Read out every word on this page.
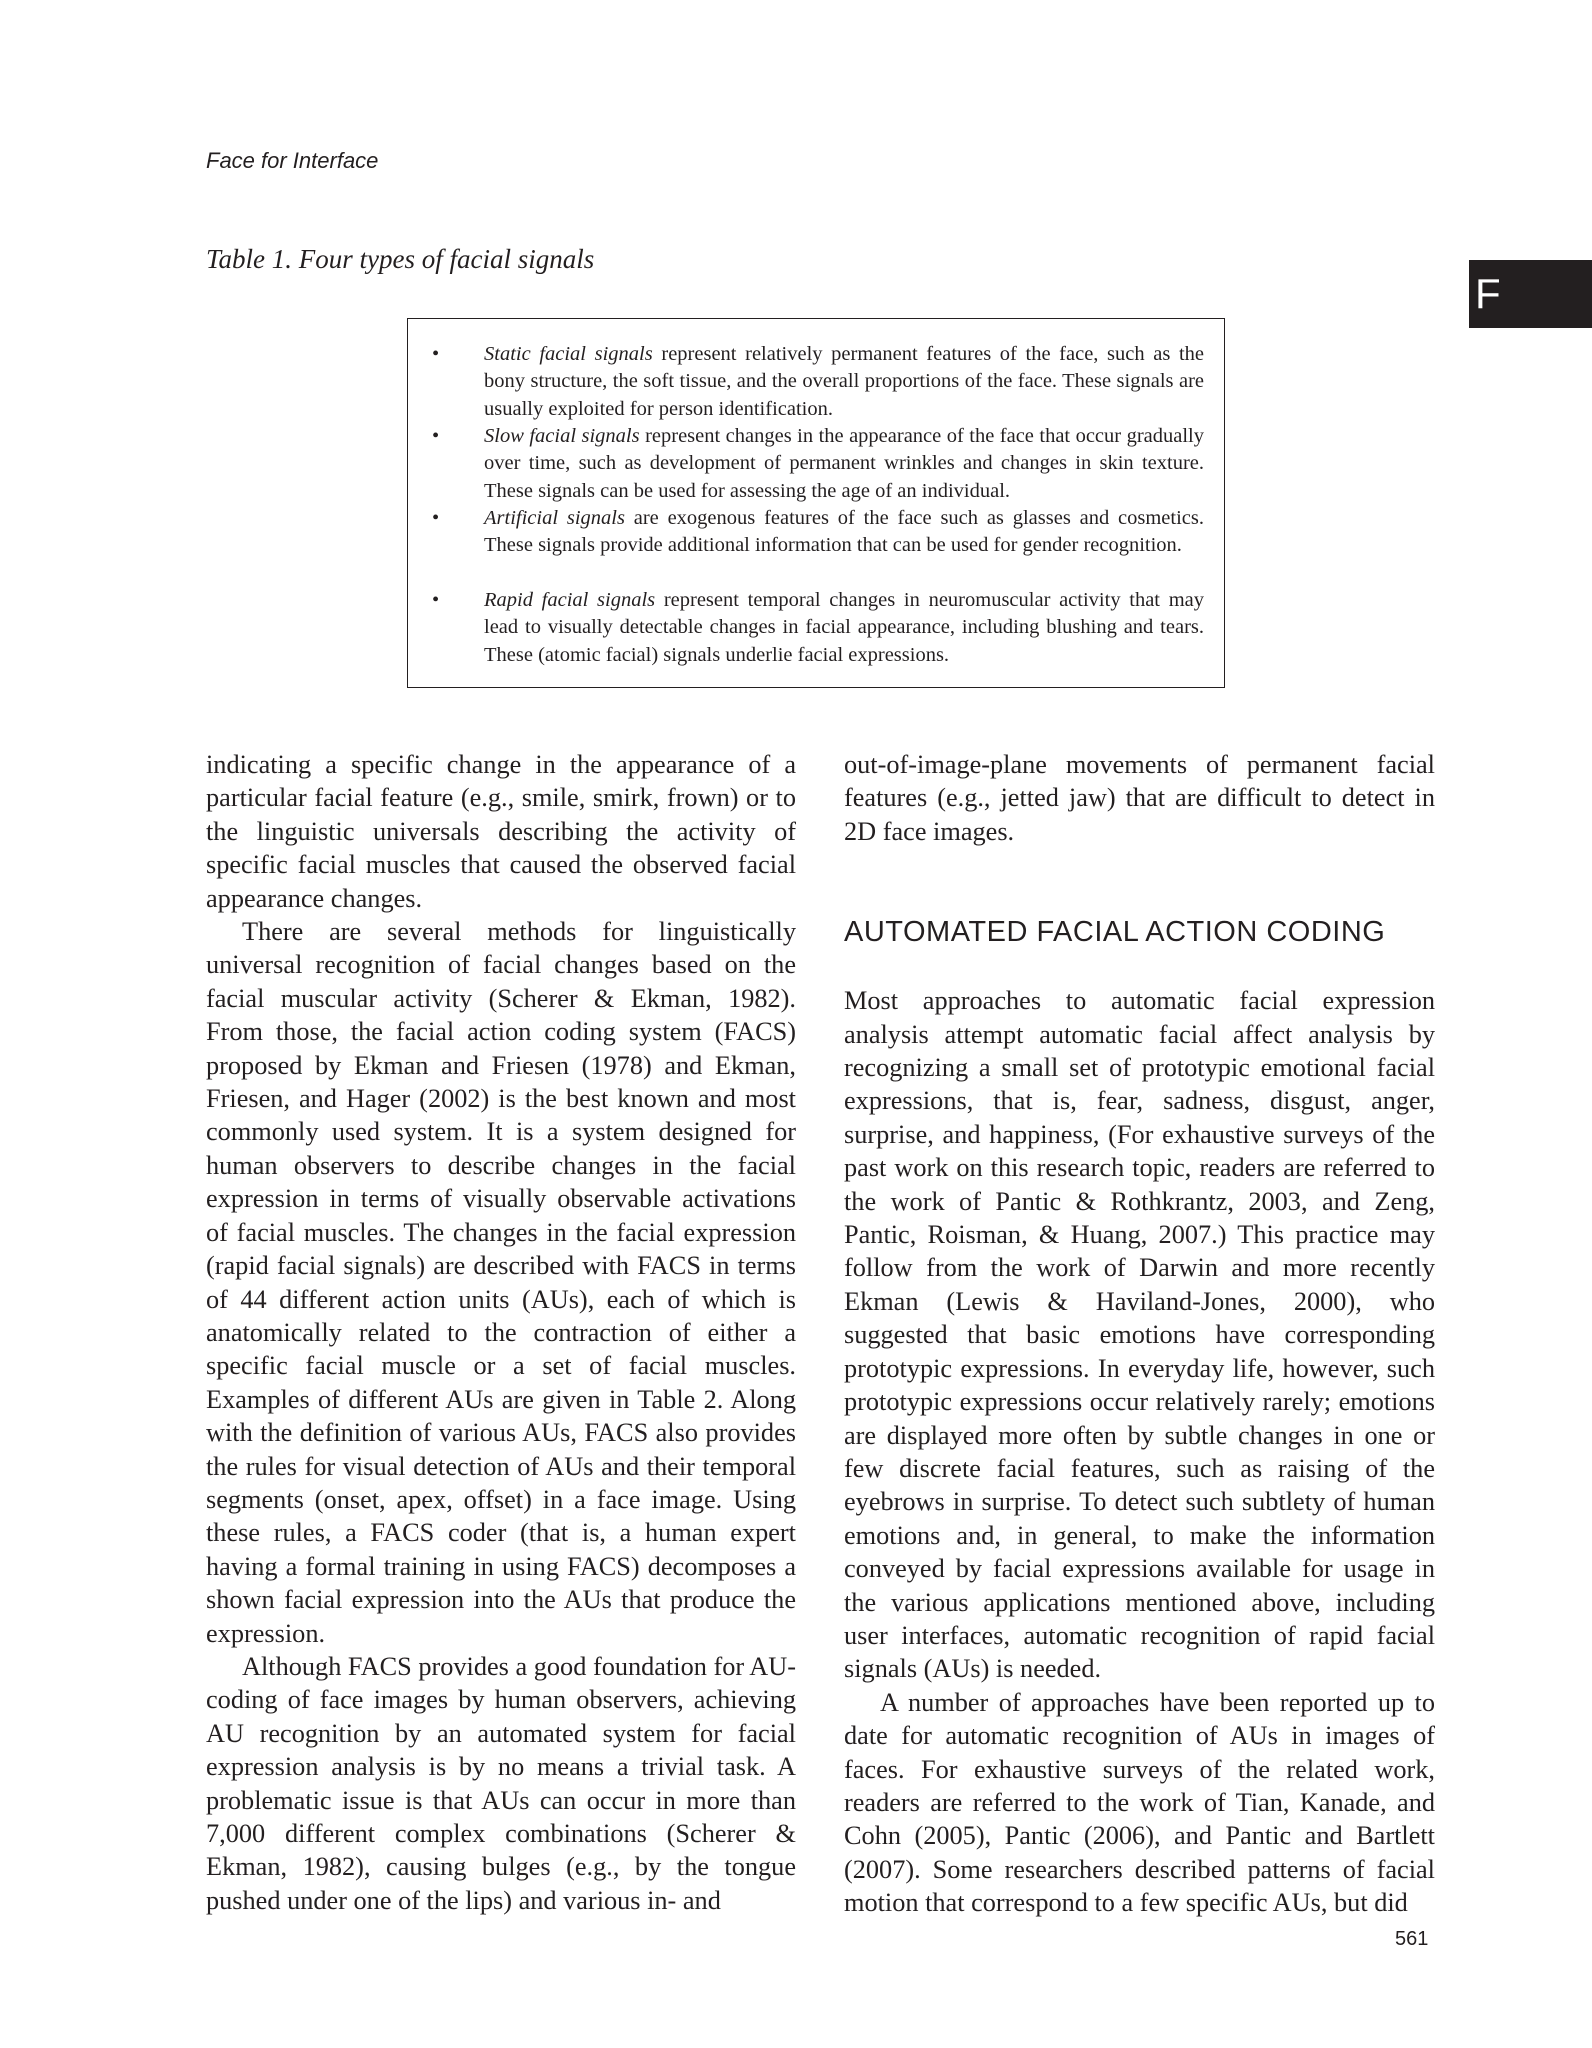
Face for Interface
F
Table 1. Four types of facial signals
• Static facial signals represent relatively permanent features of the face, such as the bony structure, the soft tissue, and the overall proportions of the face. These signals are usually exploited for person identification.
• Slow facial signals represent changes in the appearance of the face that occur gradually over time, such as development of permanent wrinkles and changes in skin texture. These signals can be used for assessing the age of an individual.
• Artificial signals are exogenous features of the face such as glasses and cosmetics. These signals provide additional information that can be used for gender recognition.
• Rapid facial signals represent temporal changes in neuromuscular activity that may lead to visually detectable changes in facial appearance, including blushing and tears. These (atomic facial) signals underlie facial expressions.

indicating a specific change in the appearance of a particular facial feature (e.g., smile, smirk, frown) or to the linguistic universals describing the activity of specific facial muscles that caused the observed facial appearance changes.

There are several methods for linguistically universal recognition of facial changes based on the facial muscular activity (Scherer & Ekman, 1982). From those, the facial action coding system (FACS) proposed by Ekman and Friesen (1978) and Ekman, Friesen, and Hager (2002) is the best known and most commonly used system. It is a system designed for human observers to describe changes in the facial expression in terms of visually observable activations of facial muscles. The changes in the facial expression (rapid facial signals) are described with FACS in terms of 44 different action units (AUs), each of which is anatomically related to the contraction of either a specific facial muscle or a set of facial muscles. Examples of different AUs are given in Table 2. Along with the definition of various AUs, FACS also provides the rules for visual detection of AUs and their temporal segments (onset, apex, offset) in a face image. Using these rules, a FACS coder (that is, a human expert having a formal training in using FACS) decomposes a shown facial expression into the AUs that produce the expression.

Although FACS provides a good foundation for AU-coding of face images by human observers, achieving AU recognition by an automated system for facial expression analysis is by no means a trivial task. A problematic issue is that AUs can occur in more than 7,000 different complex combinations (Scherer & Ekman, 1982), causing bulges (e.g., by the tongue pushed under one of the lips) and various in- and

out-of-image-plane movements of permanent facial features (e.g., jetted jaw) that are difficult to detect in 2D face images.

AUTOMATED FACIAL ACTION CODING

Most approaches to automatic facial expression analysis attempt automatic facial affect analysis by recognizing a small set of prototypic emotional facial expressions, that is, fear, sadness, disgust, anger, surprise, and happiness, (For exhaustive surveys of the past work on this research topic, readers are referred to the work of Pantic & Rothkrantz, 2003, and Zeng, Pantic, Roisman, & Huang, 2007.) This practice may follow from the work of Darwin and more recently Ekman (Lewis & Haviland-Jones, 2000), who suggested that basic emotions have corresponding prototypic expressions. In everyday life, however, such prototypic expressions occur relatively rarely; emotions are displayed more often by subtle changes in one or few discrete facial features, such as raising of the eyebrows in surprise. To detect such subtlety of human emotions and, in general, to make the information conveyed by facial expressions available for usage in the various applications mentioned above, including user interfaces, automatic recognition of rapid facial signals (AUs) is needed.

A number of approaches have been reported up to date for automatic recognition of AUs in images of faces. For exhaustive surveys of the related work, readers are referred to the work of Tian, Kanade, and Cohn (2005), Pantic (2006), and Pantic and Bartlett (2007). Some researchers described patterns of facial motion that correspond to a few specific AUs, but did

561
